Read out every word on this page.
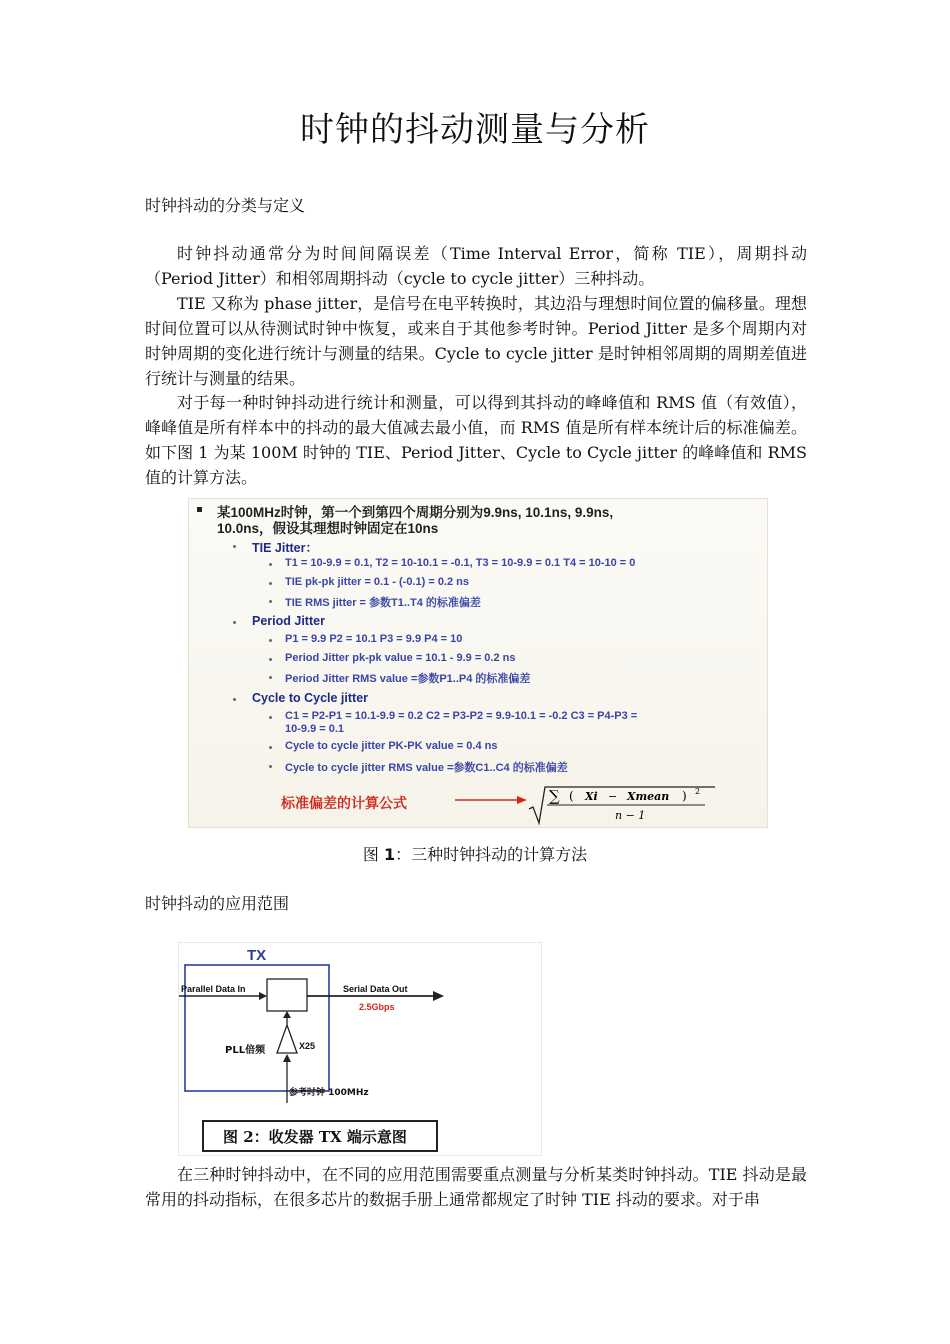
时钟的抖动测量与分析
时钟抖动的分类与定义

时钟抖动通常分为时间间隔误差（Time Interval Error，简称 TIE），周期抖动（Period Jitter）和相邻周期抖动（cycle to cycle jitter）三种抖动。

TIE 又称为 phase jitter，是信号在电平转换时，其边沿与理想时间位置的偏移量。理想时间位置可以从待测试时钟中恢复，或来自于其他参考时钟。Period Jitter 是多个周期内对时钟周期的变化进行统计与测量的结果。Cycle to cycle jitter 是时钟相邻周期的周期差值进行统计与测量的结果。

对于每一种时钟抖动进行统计和测量，可以得到其抖动的峰峰值和 RMS 值（有效值），峰峰值是所有样本中的抖动的最大值减去最小值，而 RMS 值是所有样本统计后的标准偏差。如下图 1 为某 100M 时钟的 TIE、Period Jitter、Cycle to Cycle jitter 的峰峰值和 RMS 值的计算方法。

某100MHz时钟，第一个到第四个周期分别为9.9ns, 10.1ns, 9.9ns,
10.0ns，假设其理想时钟固定在10ns
TIE Jitter：
T1 = 10-9.9 = 0.1, T2 = 10-10.1 = -0.1, T3 = 10-9.9 = 0.1 T4 = 10-10 = 0
TIE pk-pk jitter = 0.1 - (-0.1) = 0.2 ns
TIE RMS jitter = 参数T1..T4 的标准偏差
Period Jitter
P1 = 9.9 P2 = 10.1 P3 = 9.9 P4 = 10
Period Jitter pk-pk value = 10.1 - 9.9 = 0.2 ns
Period Jitter RMS value =参数P1..P4 的标准偏差
Cycle to Cycle jitter
C1 = P2-P1 = 10.1-9.9 = 0.2 C2 = P3-P2 = 9.9-10.1 = -0.2 C3 = P4-P3 =
10-9.9 = 0.1
Cycle to cycle jitter PK-PK value = 0.4 ns
Cycle to cycle jitter RMS value =参数C1..C4 的标准偏差
标准偏差的计算公式	∑ ( Xi − Xmean ) 2
n − 1
图 1：三种时钟抖动的计算方法
时钟抖动的应用范围
TX
Parallel Data In	Serial Data Out
2.5Gbps
PLL倍频	X25
参考时钟 100MHz
图 2：收发器 TX 端示意图

在三种时钟抖动中，在不同的应用范围需要重点测量与分析某类时钟抖动。TIE 抖动是最常用的抖动指标，在很多芯片的数据手册上通常都规定了时钟 TIE 抖动的要求。对于串
